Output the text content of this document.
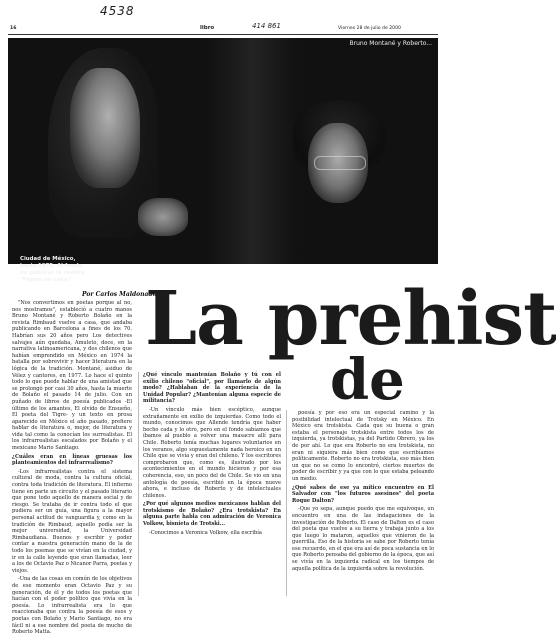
4538
16	libro	414 861	Viernes 28 de julio de 2000
Bruno Montané y Roberto...
Ciudad de México, hacia 1975. Al fondo de publicar la revista "Pájaro de calor".
Por Carlos Maldonado
La prehist
de

"Nos convertimos en poetas porque al no, nos mostramos", estableció a cuatro manos Bruno Montané y Roberto Bolaño en la revista Rimbaud vuelve a casa, que andaba publicando en Barcelona a fines de los 70. Habrían sus 20 años pero Los detectives salvajes aún quedaba, Amuleto, doce, en la narrativa latinoamericana, y dos chilenos que habían emprendido en México en 1974 la batalla por sobrevivir y hacer literatura en la lógica de la tradición. Montané, asiduo de Vélez y cantores, en 1977. Lo hace el quinto todo lo que puede hablar de una amistad que se prolongó por casi 30 años, hasta la muerte de Bolaño el pasado 14 de julio. Con un puñado de libros de poesía publicados -El último de los amantes, El olvido de Ensueño, El poeta del Tigre- y un texto en prosa aparecido en México el año pasado, prefiere hablar de literatura o, mejor, de literatura y vida tal como la conocían los surrealistas. El los infrarrealistas escalados por Bolaño y el mexicano Mario Santiago.

¿Cuáles eran en líneas gruesas los planteamientos del infrarrealismo?

-Los infrarrealistas contra el sistema cultural de moda, contra la cultura oficial, contra toda tradición de literatura. El infierno tiene en parte un circuito y el pasado literario que pone todo aquello de manera social y de riesgo. Se trataba de ir contra todo el que pudiera ser un guía, una figura a la mayor personal actitud de vanguardia y, como en la tradición de Rimbaud, aquello podía ser la mejor universidad, la Universidad Rimbaudiana. Buenos y escribir y poder contar a nuestra generación mano de la de todo los poemas que se vivían en la ciudad, y ir en la calle leyendo que eran llamadas, leer a los de Octavio Paz o Nicanor Parra, poetas y viejos.

-Una de las cosas en común de los objetivos de ese momento eran Octavio Paz y su generación, de él y de todos los poetas que hacían con el poder político que vivía en la poesía. Lo infrarrealista era lo que reaccionaba que contra la poesía de esos y poetas con Bolaño y Mario Santiago, no era fácil ni a ese nombre del poeta de mucho de Roberto Matta.

¿Qué vínculo mantenían Bolaño y tú con el exilio chileno "oficial", por llamarlo de algún modo? ¿Hablaban de la experiencia de la Unidad Popular? ¿Mantenían alguna especie de militancia?

-Un vínculo más bien escéptico, aunque extrañamente en exilio de izquierdas. Como todo el mundo, conocimos que Allende tendría que haber hecho cada y lo otro, pero en el fondo sabíamos que íbamos al pueblo a volver una masacre allí para Chile. Roberto tenía muchas lugares voluntarios en los veranos, algo supuestamente nada heroico en un Chile que se vivía y eran del chileno. Y los escritores comprobaron que, como es, ilustrado por los acontecimientos en el mundo hicieron y por esa coherencia, eso, un poco del de Chile. Se vio en una antología de poesía, escribió en la época nueve ahora, e incluso de Roberto y de intelectuales chilenos.

¿Por qué algunos medios mexicanos hablan del trotskismo de Bolaño? ¿Era trotskista? En alguna parte habla con admiración de Veronica Volkow, bisnieta de Trotski...

-Conocimos a Veronica Volkow, ella escribía

poesía y por eso era un especial camino y la posibilidad intelectual de Trotsky en México. En México era trotskista. Cada que su buena o gran estaba el personaje trotskista entre todos los de izquierda, ya trotskistas, ya del Partido Obrero, ya los de por ahí. Lo que era Roberto no era trotskista, no eran ni siquiera más bien como que escribíamos políticamente. Roberto no era trotskista, eso más bien un que no se como lo encontró, ciertos muertos de poder de escribir y ya que con lo que estaba peleando un medio.

¿Qué sabes de ese ya mítico encuentro en El Salvador con "los futuros asesinos" del poeta Roque Dalton?

-Que yo sepa, aunque puedo que me equivoque, un encuentro en una de las indagaciones de la investigación de Roberto. El caso de Dalton es el caso del poeta que vuelve a su tierra y trabaja junto a los que luego lo mataron, aquellos que vinieron de la guerrilla. Eso de la historia se sabe por Roberto tenía ese recuerdo, en el que era así de poca sustancia en lo que Roberto pensaba del gobierno de la época, que así se vivía en la izquierda radical en los tiempos de aquella política de la izquierda sobre la revolución.
